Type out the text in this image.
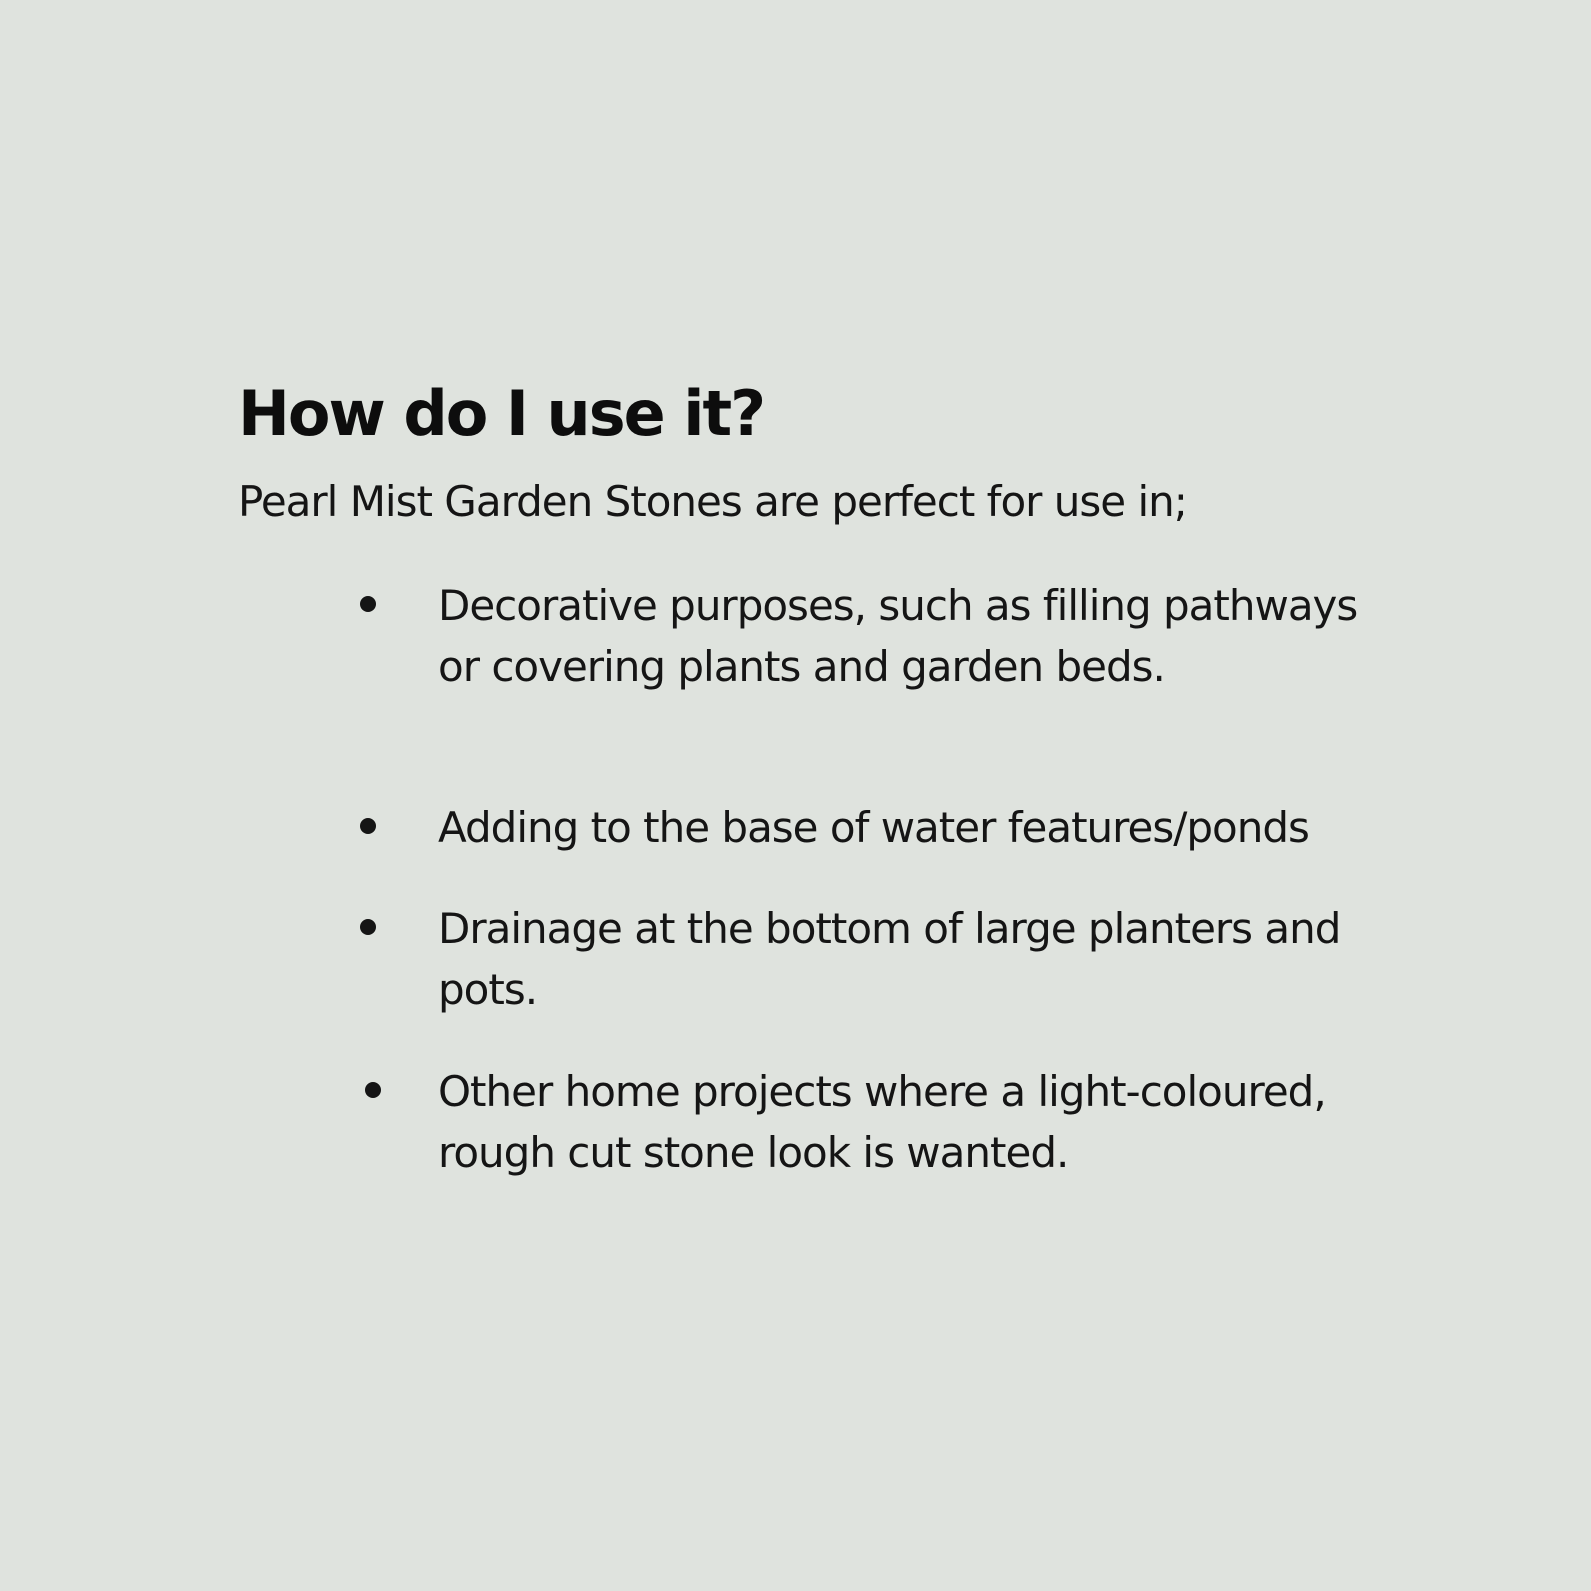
How do I use it?

Pearl Mist Garden Stones are perfect for use in;

Decorative purposes, such as filling pathways or covering plants and garden beds.
Adding to the base of water features/ponds
Drainage at the bottom of large planters and pots.
Other home projects where a light-coloured, rough cut stone look is wanted.
